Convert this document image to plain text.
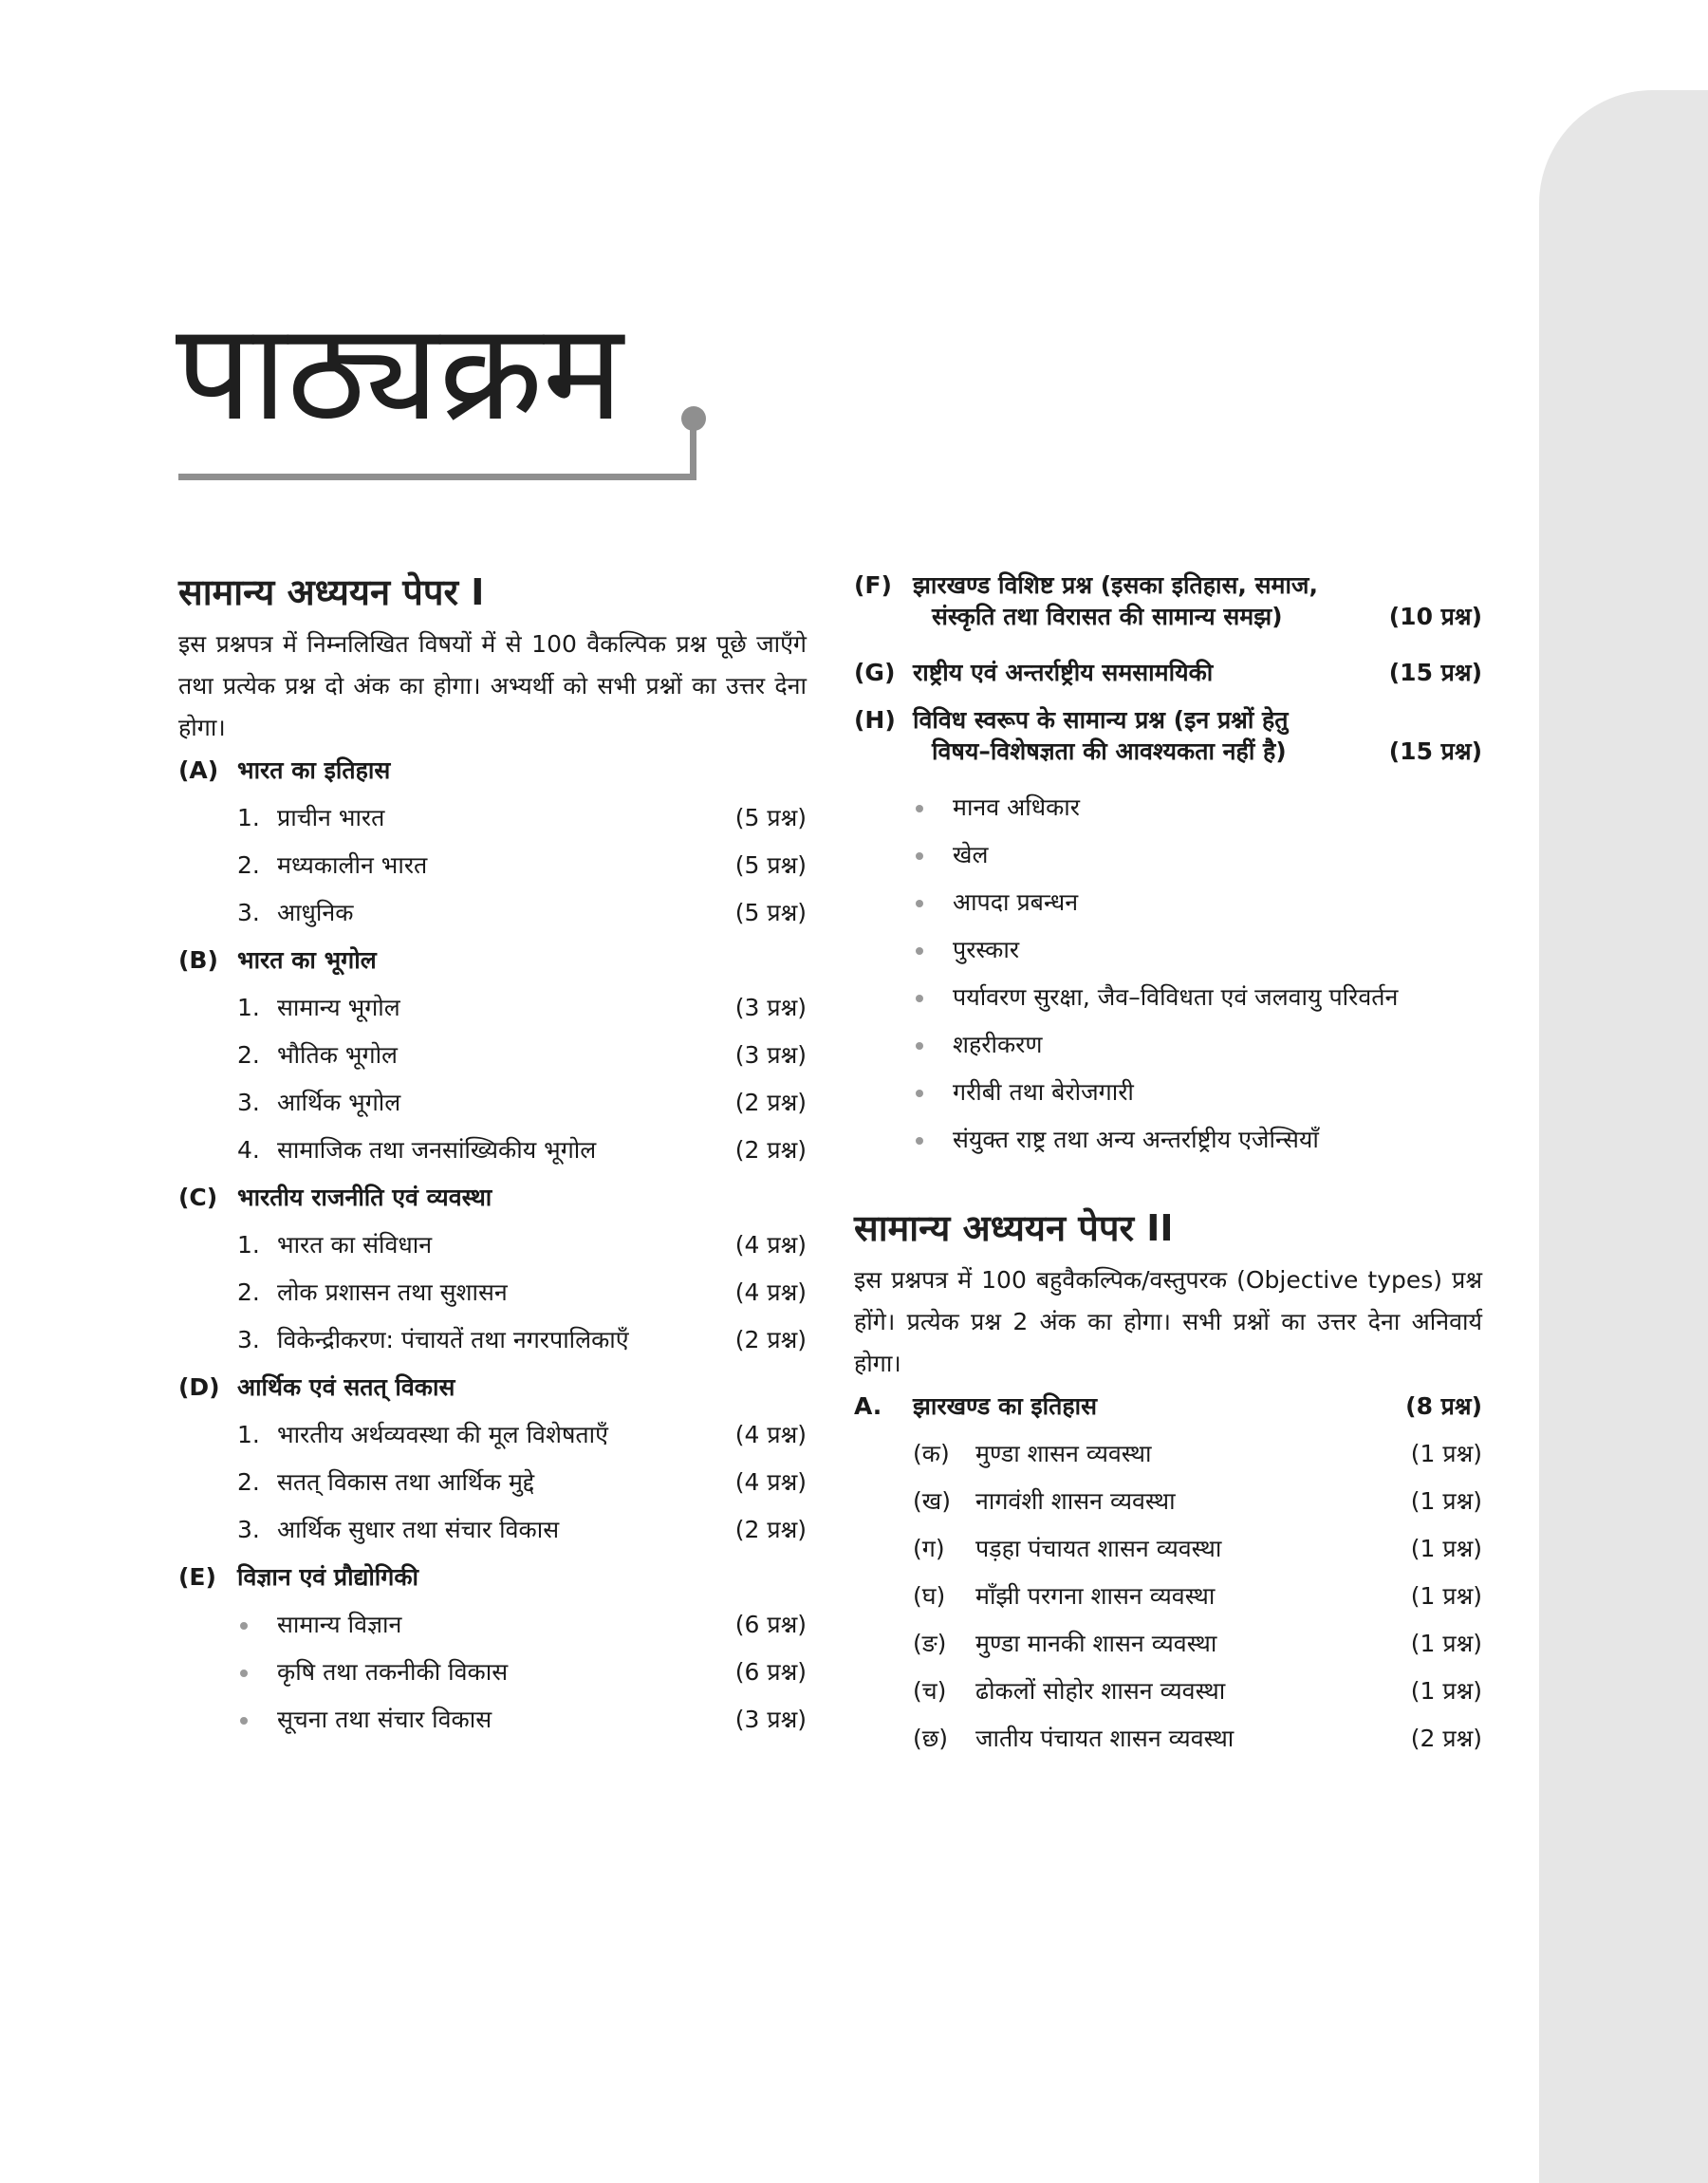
पाठ्यक्रम
सामान्य अध्ययन पेपर I

इस प्रश्नपत्र में निम्नलिखित विषयों में से 100 वैकल्पिक प्रश्न पूछे जाएँगे तथा प्रत्येक प्रश्न दो अंक का होगा। अभ्यर्थी को सभी प्रश्नों का उत्तर देना होगा।

(A) भारत का इतिहास
1. प्राचीन भारत	(5 प्रश्न)
2. मध्यकालीन भारत	(5 प्रश्न)
3. आधुनिक	(5 प्रश्न)
(B) भारत का भूगोल
1. सामान्य भूगोल	(3 प्रश्न)
2. भौतिक भूगोल	(3 प्रश्न)
3. आर्थिक भूगोल	(2 प्रश्न)
4. सामाजिक तथा जनसांख्यिकीय भूगोल	(2 प्रश्न)
(C) भारतीय राजनीति एवं व्यवस्था
1. भारत का संविधान	(4 प्रश्न)
2. लोक प्रशासन तथा सुशासन	(4 प्रश्न)
3. विकेन्द्रीकरण: पंचायतें तथा नगरपालिकाएँ	(2 प्रश्न)
(D) आर्थिक एवं सतत् विकास
1. भारतीय अर्थव्यवस्था की मूल विशेषताएँ	(4 प्रश्न)
2. सतत् विकास तथा आर्थिक मुद्दे	(4 प्रश्न)
3. आर्थिक सुधार तथा संचार विकास	(2 प्रश्न)
(E) विज्ञान एवं प्रौद्योगिकी
सामान्य विज्ञान	(6 प्रश्न)
कृषि तथा तकनीकी विकास	(6 प्रश्न)
सूचना तथा संचार विकास	(3 प्रश्न)
(F) झारखण्ड विशिष्ट प्रश्न (इसका इतिहास, समाज,
संस्कृति तथा विरासत की सामान्य समझ)	(10 प्रश्न)
(G) राष्ट्रीय एवं अन्तर्राष्ट्रीय समसामयिकी	(15 प्रश्न)
(H) विविध स्वरूप के सामान्य प्रश्न (इन प्रश्नों हेतु
विषय–विशेषज्ञता की आवश्यकता नहीं है)	(15 प्रश्न)
मानव अधिकार
खेल
आपदा प्रबन्धन
पुरस्कार
पर्यावरण सुरक्षा, जैव–विविधता एवं जलवायु परिवर्तन
शहरीकरण
गरीबी तथा बेरोजगारी
संयुक्त राष्ट्र तथा अन्य अन्तर्राष्ट्रीय एजेन्सियाँ
सामान्य अध्ययन पेपर II

इस प्रश्नपत्र में 100 बहुवैकल्पिक/वस्तुपरक (Objective types) प्रश्न होंगे। प्रत्येक प्रश्न 2 अंक का होगा। सभी प्रश्नों का उत्तर देना अनिवार्य होगा।

A.	झारखण्ड का इतिहास	(8 प्रश्न)
(क)	मुण्डा शासन व्यवस्था	(1 प्रश्न)
(ख)	नागवंशी शासन व्यवस्था	(1 प्रश्न)
(ग)	पड़हा पंचायत शासन व्यवस्था	(1 प्रश्न)
(घ)	माँझी परगना शासन व्यवस्था	(1 प्रश्न)
(ङ)	मुण्डा मानकी शासन व्यवस्था	(1 प्रश्न)
(च)	ढोकलों सोहोर शासन व्यवस्था	(1 प्रश्न)
(छ)	जातीय पंचायत शासन व्यवस्था	(2 प्रश्न)
